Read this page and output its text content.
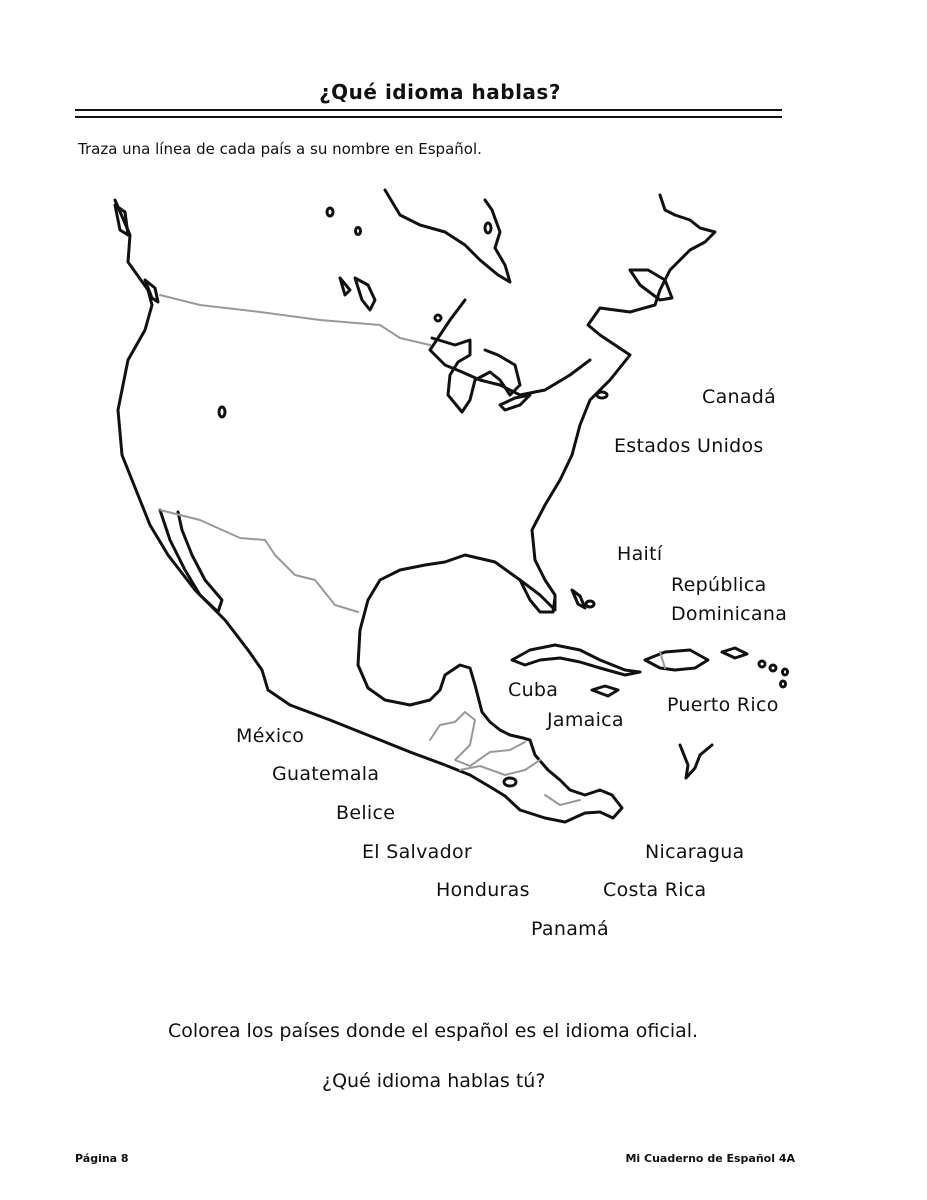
¿Qué idioma hablas?
Traza una línea de cada país a su nombre en Español.
Canadá
Estados Unidos
Haití
República
Dominicana
Cuba
Jamaica
Puerto Rico
México
Guatemala
Belice
El Salvador
Honduras
Nicaragua
Costa Rica
Panamá
Colorea los países donde el español es el idioma oficial.
¿Qué idioma hablas tú?
Página 8	Mi Cuaderno de Español 4A
